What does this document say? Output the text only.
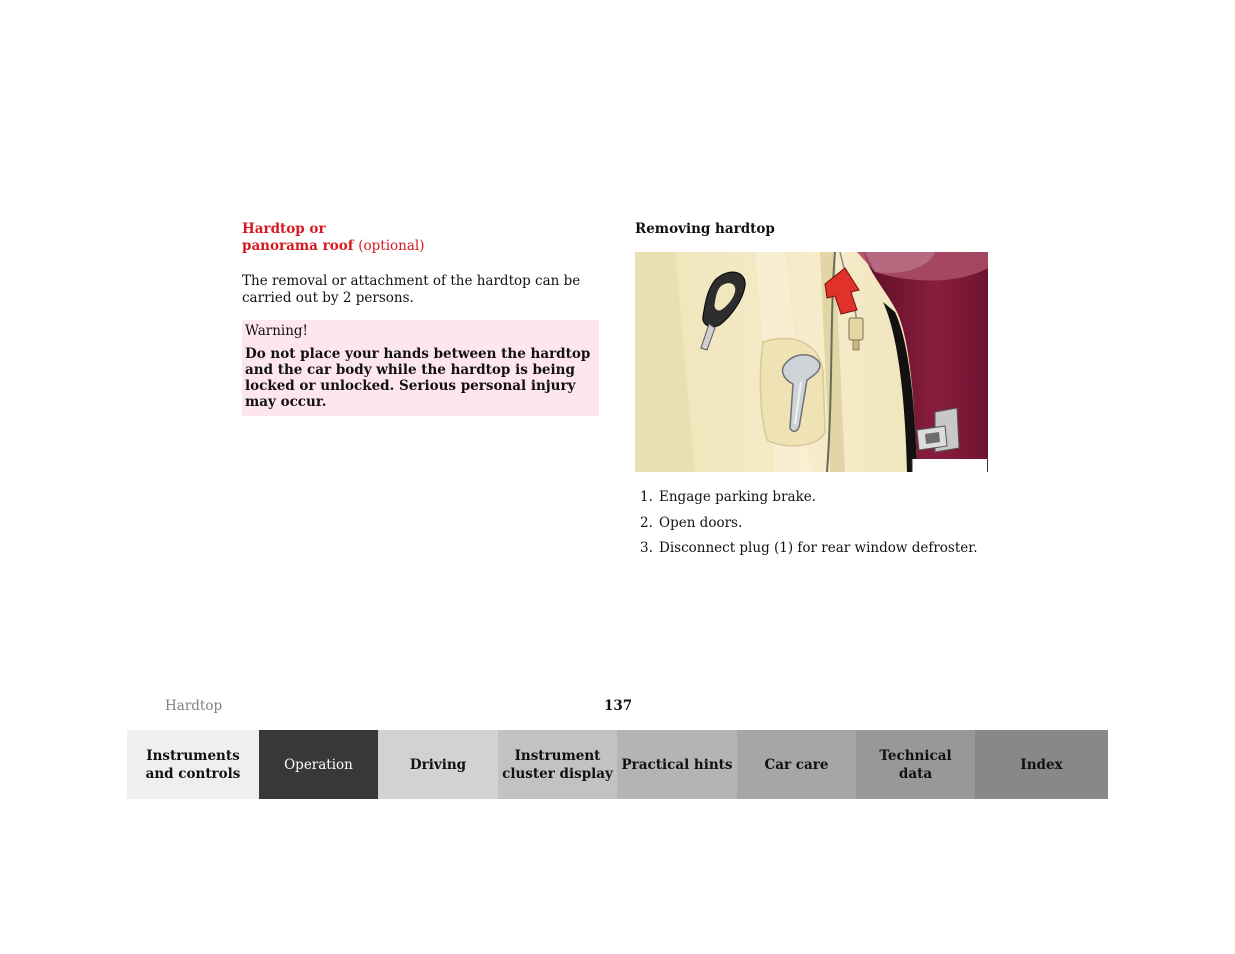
Hardtop or
panorama roof (optional)
The removal or attachment of the hardtop can be carried out by 2 persons.
Warning!
Do not place your hands between the hardtop and the car body while the hardtop is being locked or unlocked. Serious personal injury may occur.
Removing hardtop
1. Engage parking brake.
2. Open doors.
3. Disconnect plug (1) for rear window defroster.
Hardtop	137
Instruments
and controls
Operation	Driving
Instrument
cluster display
Practical hints Car care
Technical
data
Index
